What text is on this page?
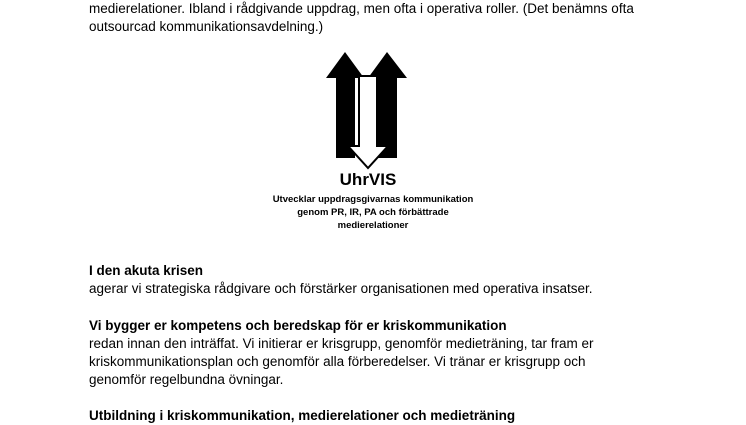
medierelationer. Ibland i rådgivande uppdrag, men ofta i operativa roller. (Det benämns ofta
outsourcad kommunikationsavdelning.)
UhrVIS
Utvecklar uppdragsgivarnas kommunikation
genom PR, IR, PA och förbättrade
medierelationer
I den akuta krisen
agerar vi strategiska rådgivare och förstärker organisationen med operativa insatser.
Vi bygger er kompetens och beredskap för er kriskommunikation
redan innan den inträffat. Vi initierar er krisgrupp, genomför medieträning, tar fram er
kriskommunikationsplan och genomför alla förberedelser. Vi tränar er krisgrupp och
genomför regelbundna övningar.
Utbildning i kriskommunikation, medierelationer och medieträning
